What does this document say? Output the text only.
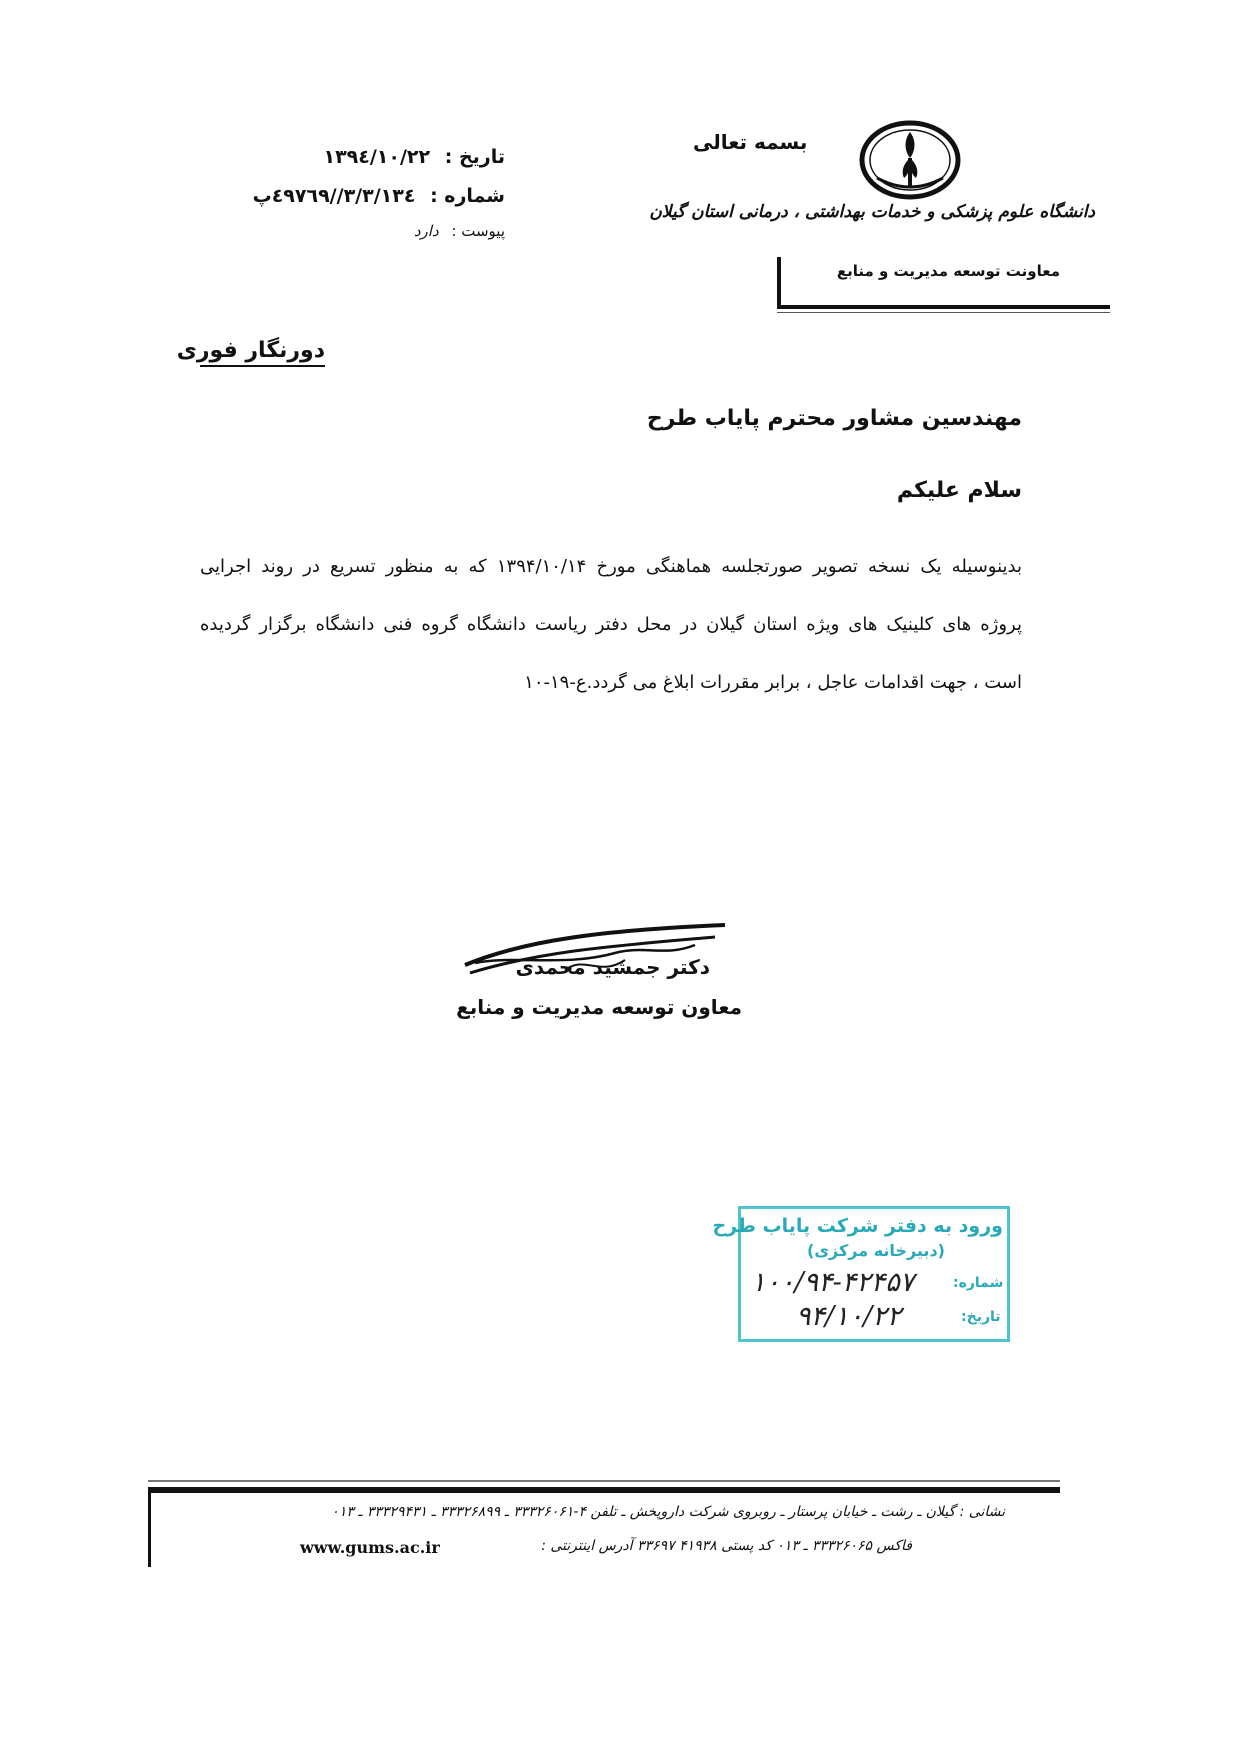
تاریخ : ۱۳۹٤/۱۰/۲۲
شماره : ۳/۳/۱۳٤//٤۹۷٦۹پ
پیوست : دارد
بسمه تعالی
دانشگاه علوم پزشکی و خدمات بهداشتی ، درمانی استان گیلان
معاونت توسعه مدیریت و منابع
دورنگار فوری
مهندسین مشاور محترم پایاب طرح
سلام علیکم
بدینوسیله یک نسخه تصویر صورتجلسه هماهنگی مورخ ۱۳۹۴/۱۰/۱۴ که به منظور تسریع در روند اجرایی
پروژه های کلینیک های ویژه استان گیلان در محل دفتر ریاست دانشگاه گروه فنی دانشگاه برگزار گردیده
است ، جهت اقدامات عاجل ، برابر مقررات ابلاغ می گردد.ع-۱۹-۱۰
دکتر جمشید محمدی
معاون توسعه مدیریت و منابع
ورود به دفتر شرکت پایاب طرح
(دبیرخانه مرکزی)
شماره:
۱۰۰/۹۴-۴۲۴۵۷
تاریخ:
۹۴/۱۰/۲۲
نشانی : گیلان ـ رشت ـ خیابان پرستار ـ روبروی شرکت داروپخش ـ تلفن ۴-۳۳۳۲۶۰۶۱ ـ ۳۳۳۲۶۸۹۹ ـ ۳۳۳۲۹۴۳۱ ـ ۰۱۳
فاکس ۳۳۳۲۶۰۶۵ ـ ۰۱۳ کد پستی ۴۱۹۳۸ ۳۳۶۹۷ آدرس اینترنتی :
www.gums.ac.ir
